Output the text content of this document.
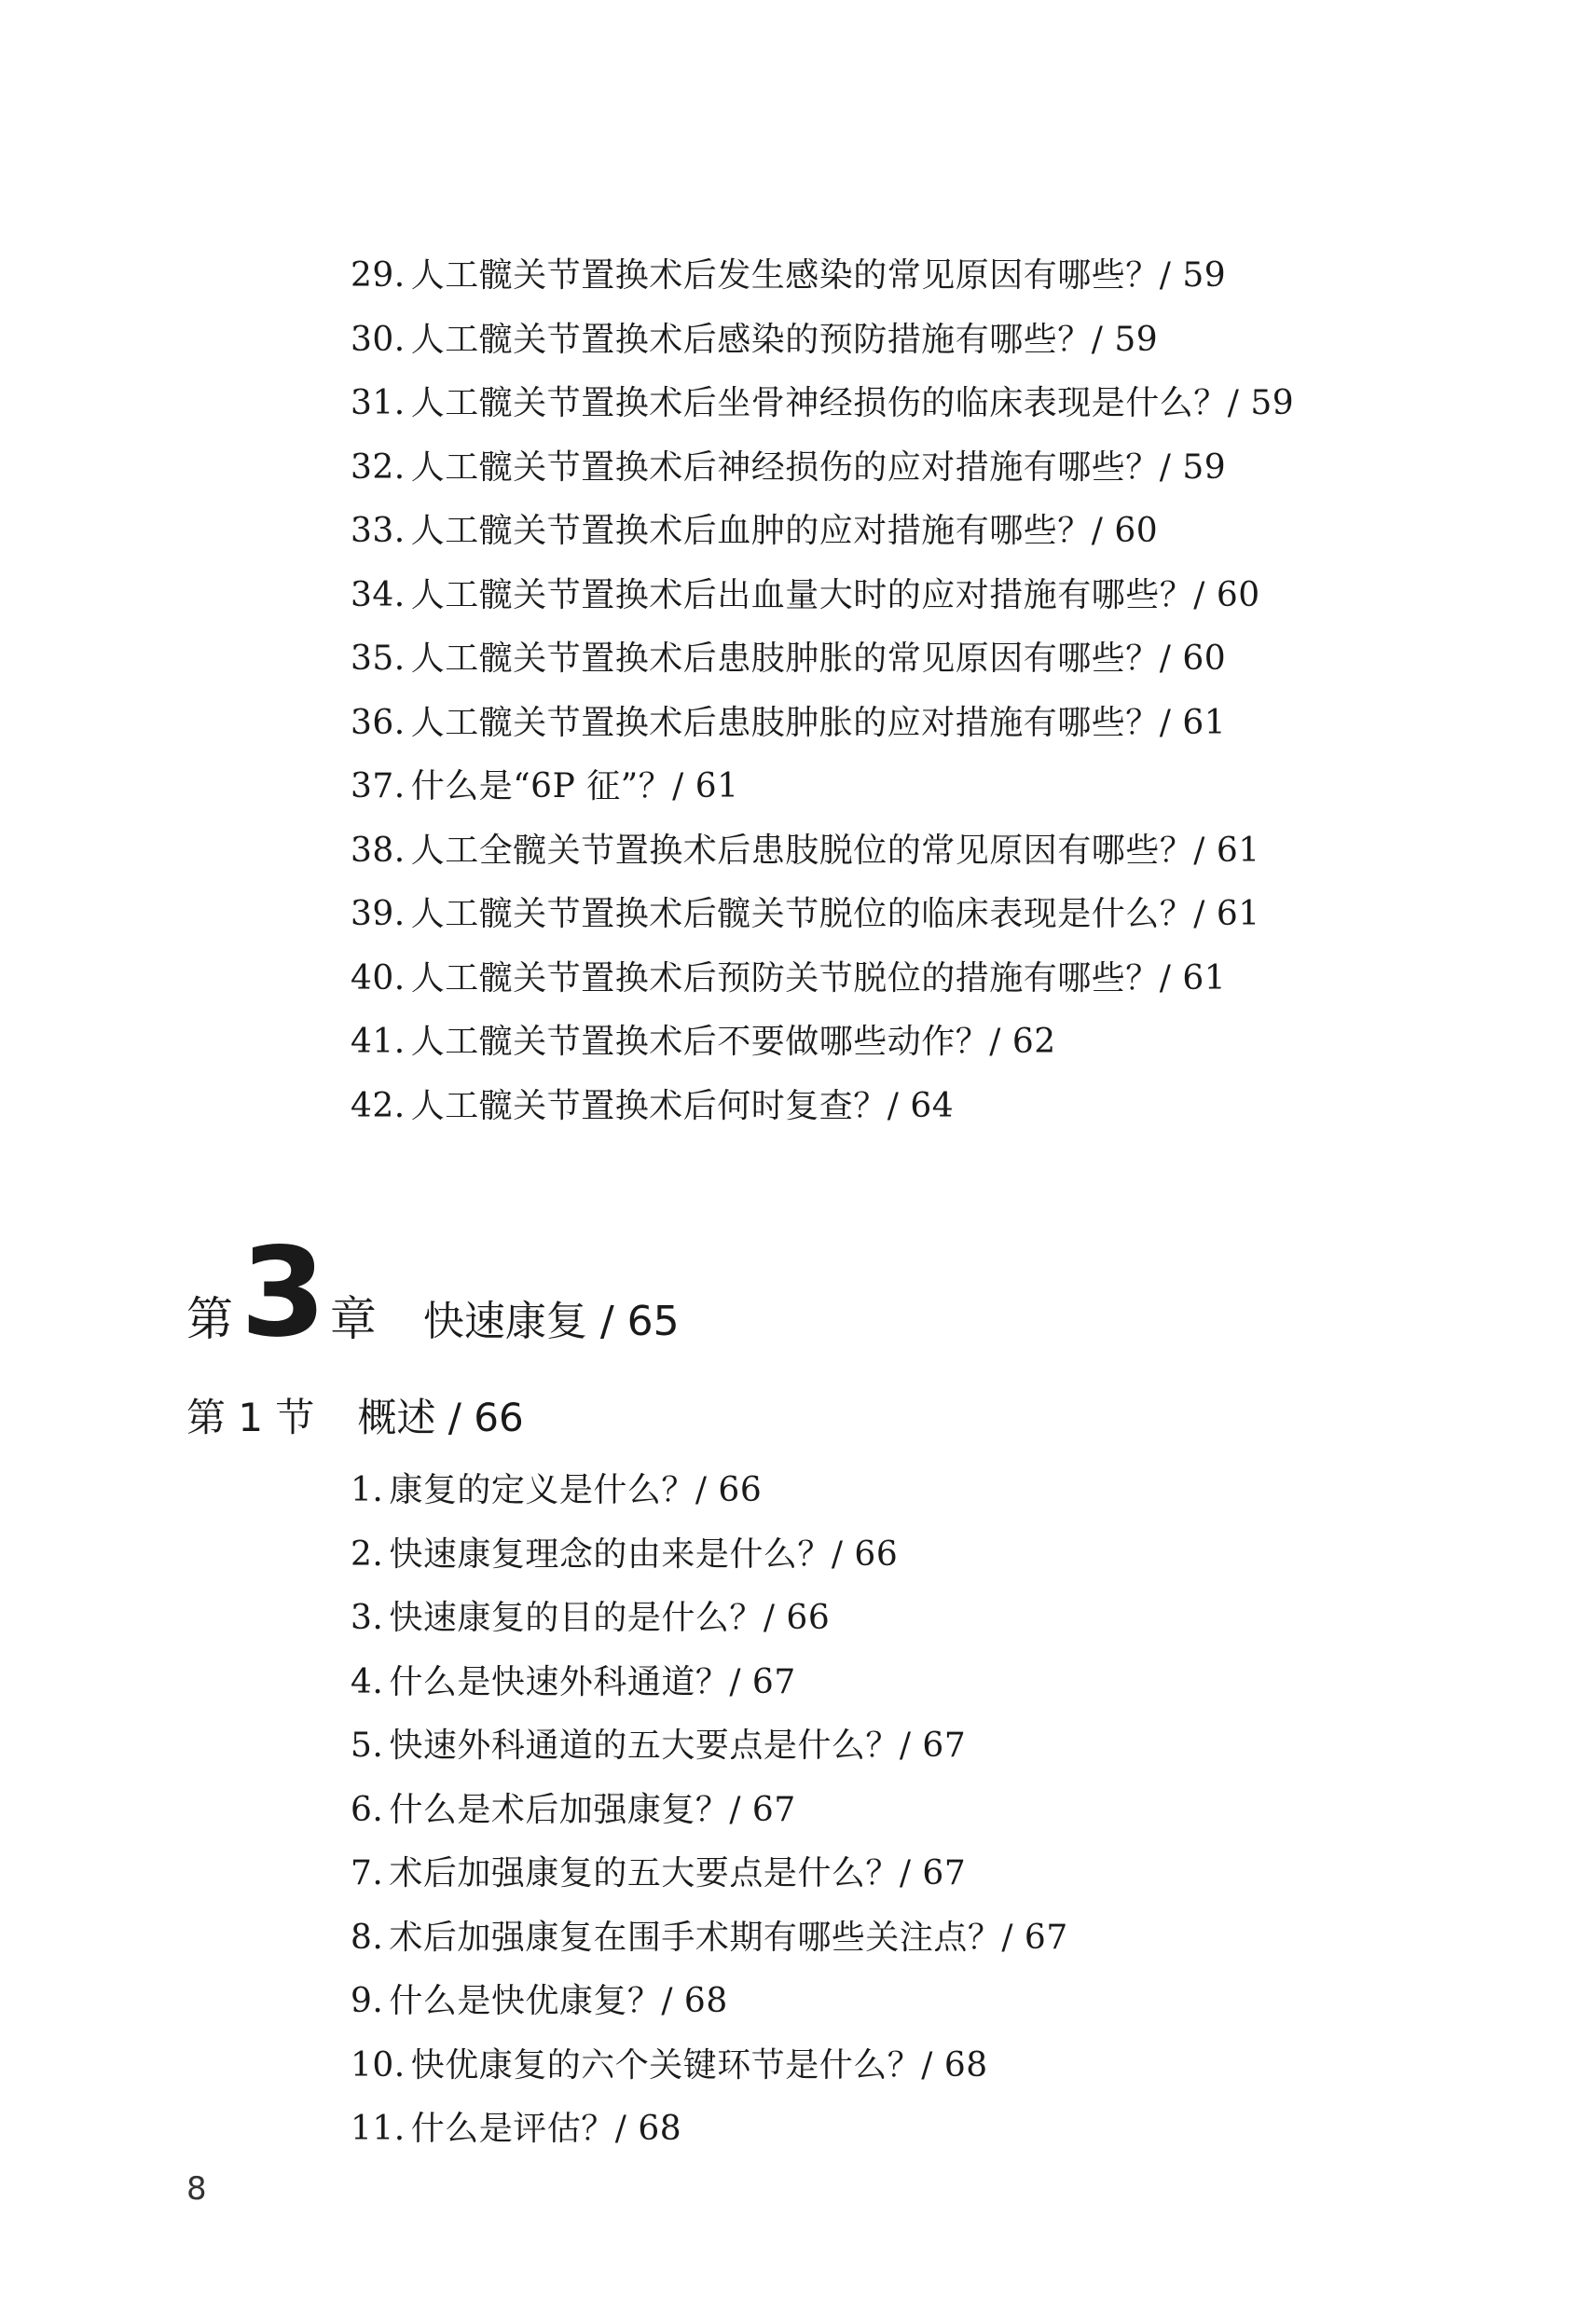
29. 人工髋关节置换术后发生感染的常见原因有哪些？/ 59
30. 人工髋关节置换术后感染的预防措施有哪些？/ 59
31. 人工髋关节置换术后坐骨神经损伤的临床表现是什么？/ 59
32. 人工髋关节置换术后神经损伤的应对措施有哪些？/ 59
33. 人工髋关节置换术后血肿的应对措施有哪些？/ 60
34. 人工髋关节置换术后出血量大时的应对措施有哪些？/ 60
35. 人工髋关节置换术后患肢肿胀的常见原因有哪些？/ 60
36. 人工髋关节置换术后患肢肿胀的应对措施有哪些？/ 61
37. 什么是“6P 征”？/ 61
38. 人工全髋关节置换术后患肢脱位的常见原因有哪些？/ 61
39. 人工髋关节置换术后髋关节脱位的临床表现是什么？/ 61
40. 人工髋关节置换术后预防关节脱位的措施有哪些？/ 61
41. 人工髋关节置换术后不要做哪些动作？/ 62
42. 人工髋关节置换术后何时复查？/ 64
第3 章 快速康复 / 65
第 1 节 概述 / 66
1. 康复的定义是什么？/ 66
2. 快速康复理念的由来是什么？/ 66
3. 快速康复的目的是什么？/ 66
4. 什么是快速外科通道？/ 67
5. 快速外科通道的五大要点是什么？/ 67
6. 什么是术后加强康复？/ 67
7. 术后加强康复的五大要点是什么？/ 67
8. 术后加强康复在围手术期有哪些关注点？/ 67
9. 什么是快优康复？/ 68
10. 快优康复的六个关键环节是什么？/ 68
11. 什么是评估？/ 68
8
